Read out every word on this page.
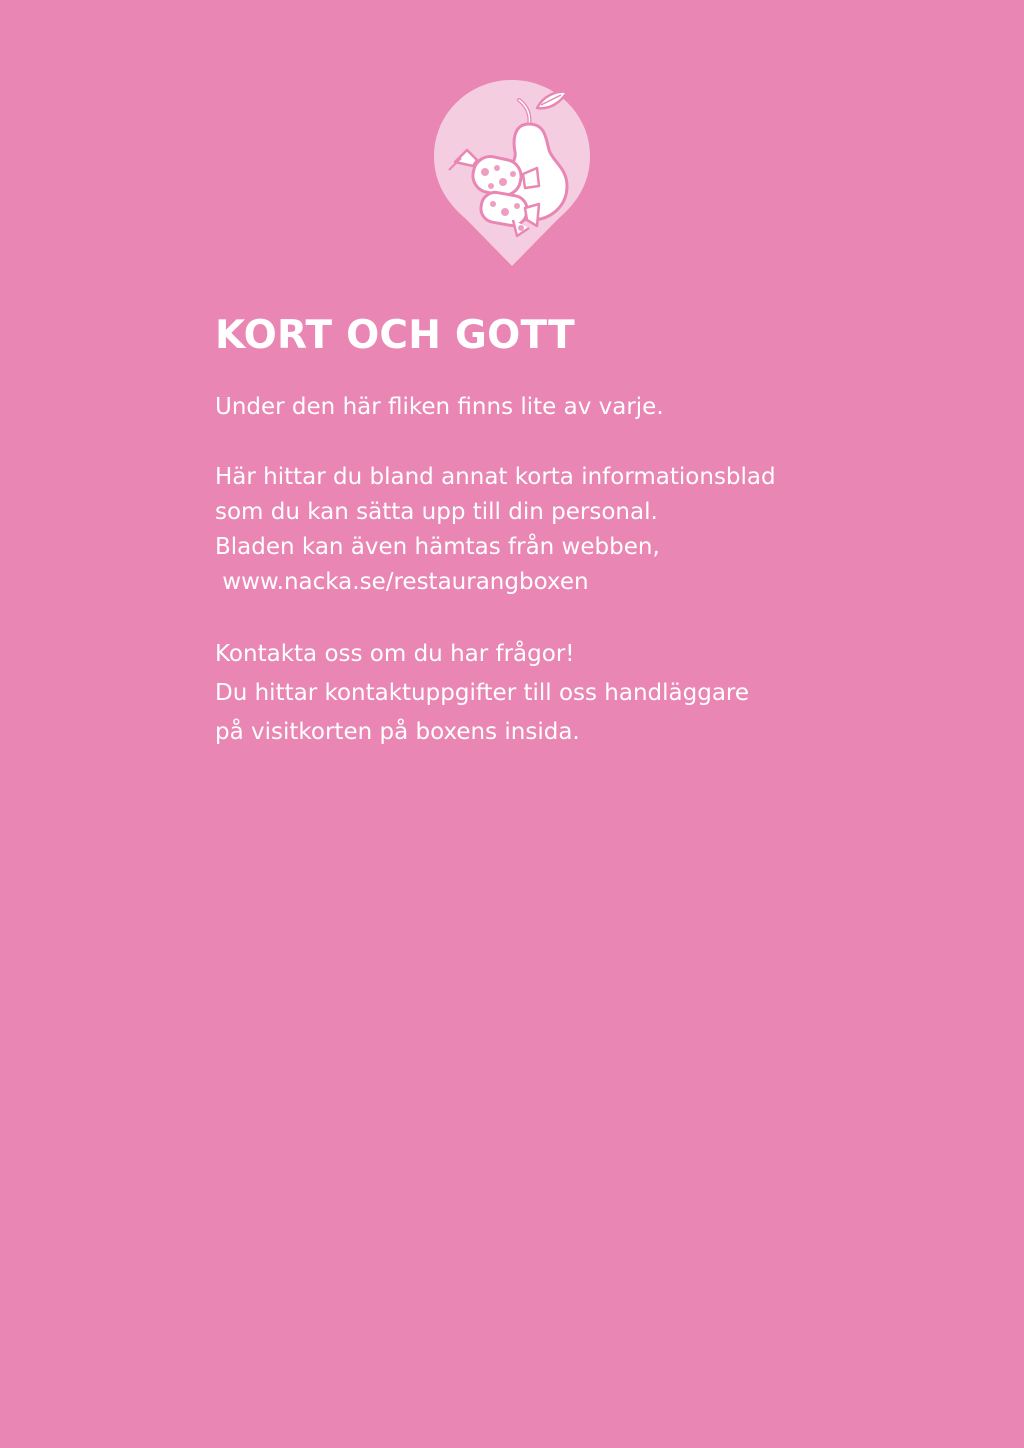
KORT OCH GOTT

Under den här fliken finns lite av varje.

Här hittar du bland annat korta informationsblad
som du kan sätta upp till din personal.
Bladen kan även hämtas från webben,
www.nacka.se/restaurangboxen

Kontakta oss om du har frågor!
Du hittar kontaktuppgifter till oss handläggare
på visitkorten på boxens insida.
